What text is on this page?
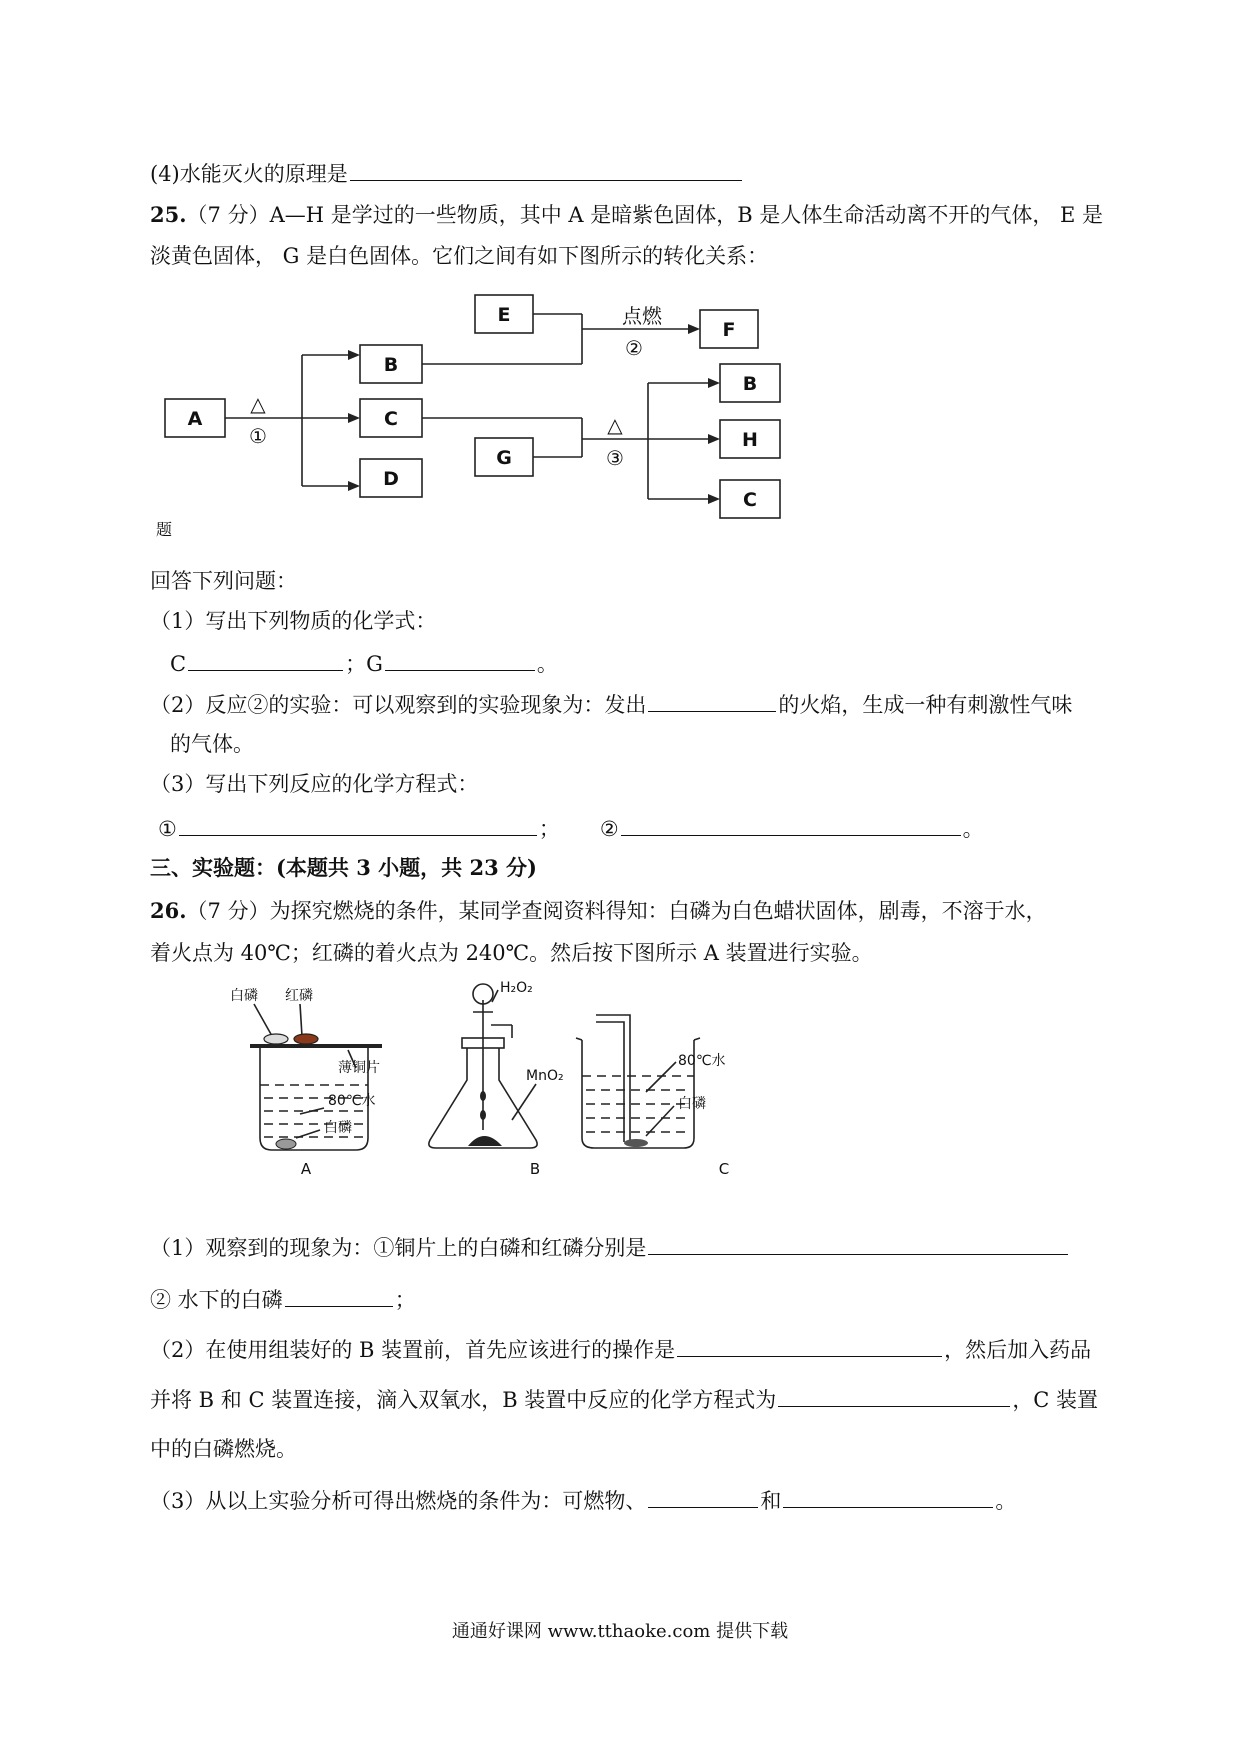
(4)水能灭火的原理是
25.（7 分）A—H 是学过的一些物质，其中 A 是暗紫色固体，B 是人体生命活动离不开的气体， E 是
淡黄色固体， G 是白色固体。它们之间有如下图所示的转化关系：
A
B
C
D
E
F
G
B
H
C
△
①
点燃
②
△
③
题
回答下列问题：
（1）写出下列物质的化学式：
C	；G	。
（2）反应②的实验：可以观察到的实验现象为：发出	的火焰，生成一种有刺激性气味
的气体。
（3）写出下列反应的化学方程式：
①	； ②	。
三、实验题：(本题共 3 小题，共 23 分)
26.（7 分）为探究燃烧的条件，某同学查阅资料得知：白磷为白色蜡状固体，剧毒，不溶于水，
着火点为 40℃；红磷的着火点为 240℃。然后按下图所示 A 装置进行实验。
白磷 红磷
薄铜片
80℃水
白磷
H₂O₂
MnO₂
80℃水
白磷
A	B	C
（1）观察到的现象为：①铜片上的白磷和红磷分别是
② 水下的白磷	；
（2）在使用组装好的 B 装置前，首先应该进行的操作是	，然后加入药品
并将 B 和 C 装置连接，滴入双氧水，B 装置中反应的化学方程式为	，C 装置
中的白磷燃烧。
（3）从以上实验分析可得出燃烧的条件为：可燃物、	和	。
通通好课网 www.tthaoke.com 提供下载
